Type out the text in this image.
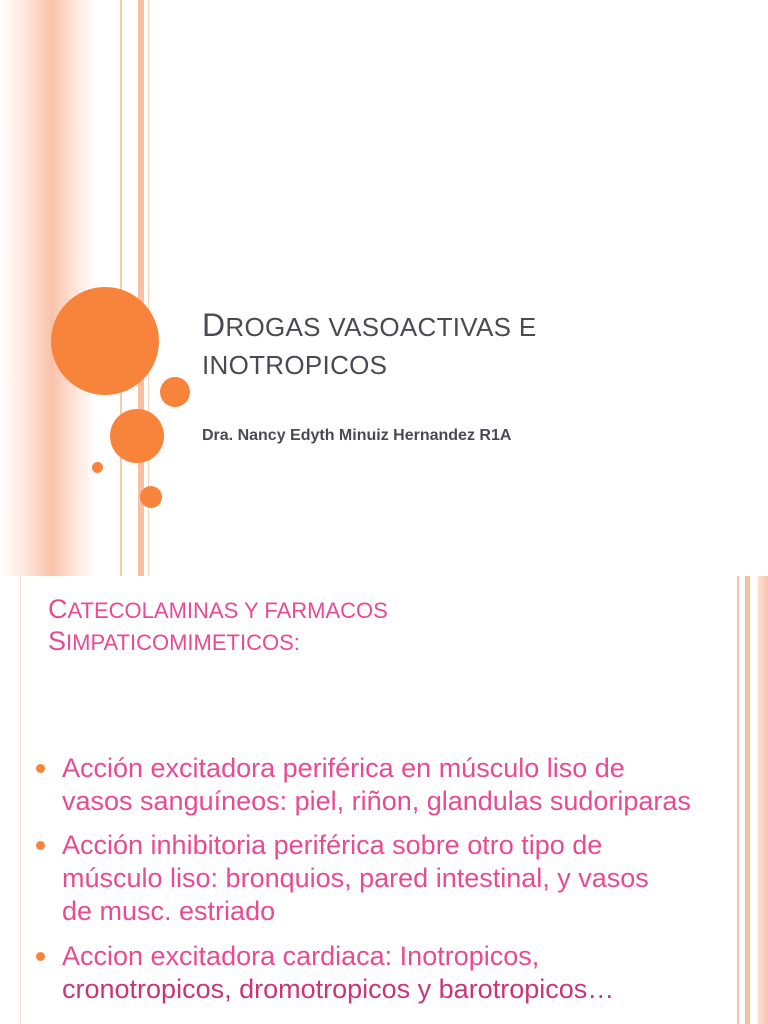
DROGAS VASOACTIVAS E
INOTROPICOS
Dra. Nancy Edyth Minuiz Hernandez R1A
CATECOLAMINAS Y FARMACOS
SIMPATICOMIMETICOS:
Acción excitadora periférica en músculo liso de
vasos sanguíneos: piel, riñon, glandulas sudoriparas
Acción inhibitoria periférica sobre otro tipo de
músculo liso: bronquios, pared intestinal, y vasos
de musc. estriado
Accion excitadora cardiaca: Inotropicos,
cronotropicos, dromotropicos y barotropicos…
